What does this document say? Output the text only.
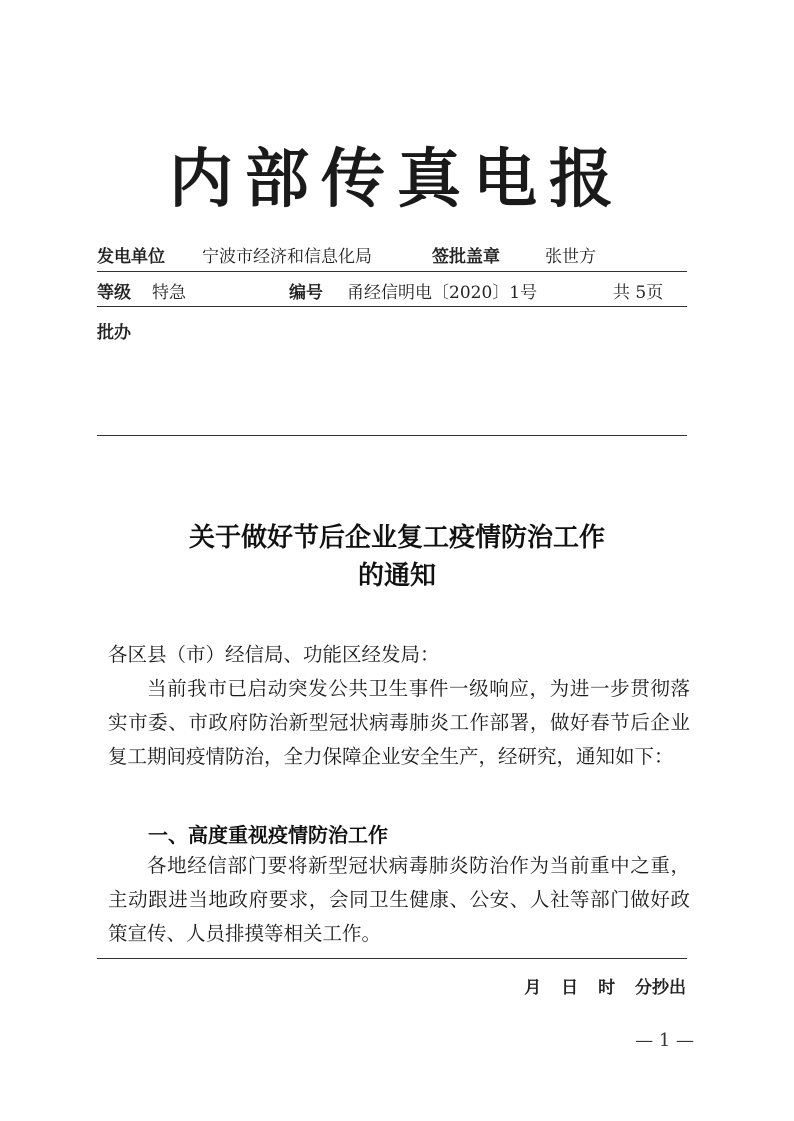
内部传真电报
发电单位 宁波市经济和信息化局	签批盖章	张世方
等级 特急	编号 甬经信明电〔2020〕1号	共 5页
批办
关于做好节后企业复工疫情防治工作
的通知
各区县（市）经信局、功能区经发局：
当前我市已启动突发公共卫生事件一级响应，为进一步贯彻落实市委、市政府防治新型冠状病毒肺炎工作部署，做好春节后企业复工期间疫情防治，全力保障企业安全生产，经研究，通知如下：
一、高度重视疫情防治工作
各地经信部门要将新型冠状病毒肺炎防治作为当前重中之重，主动跟进当地政府要求，会同卫生健康、公安、人社等部门做好政策宣传、人员排摸等相关工作。
月 日 时 分抄出
— 1 —
